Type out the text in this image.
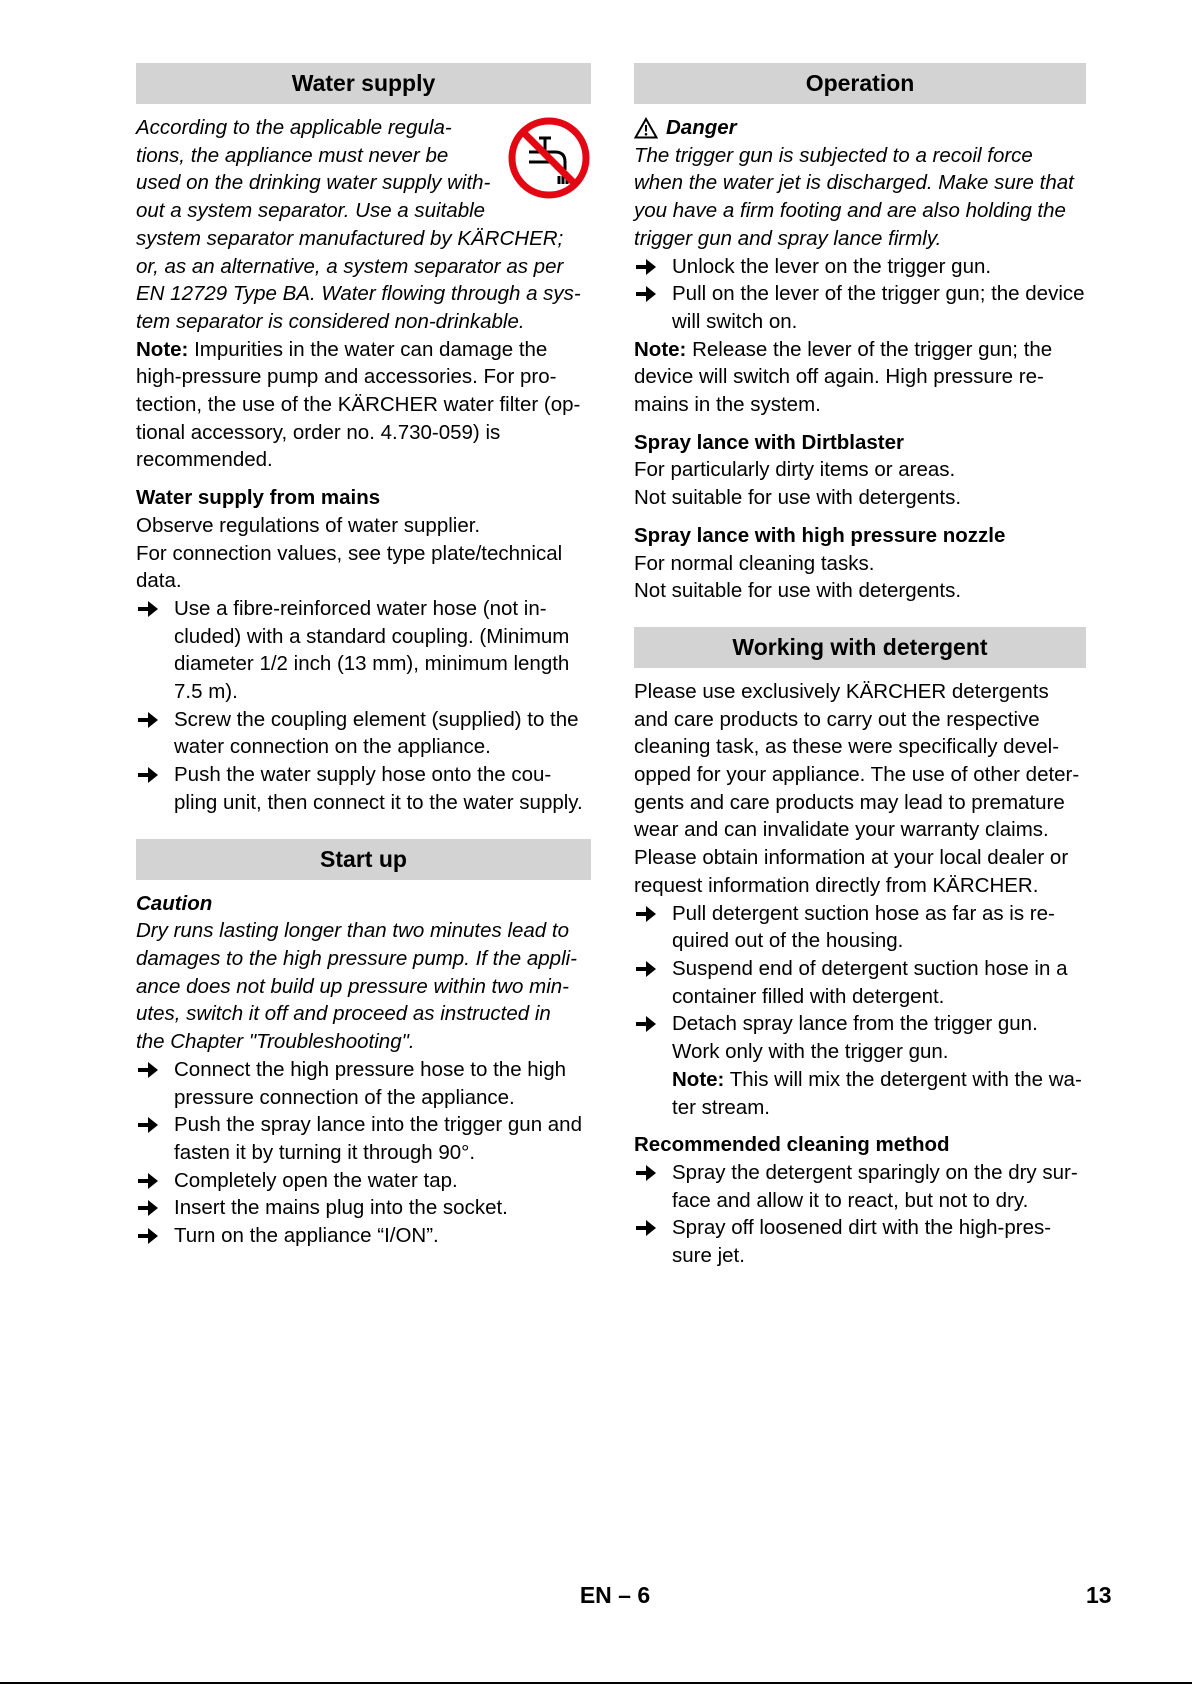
Water supply

According to the applicable regula-

tions, the appliance must never be

used on the drinking water supply with-

out a system separator. Use a suitable

system separator manufactured by KÄRCHER;

or, as an alternative, a system separator as per

EN 12729 Type BA. Water flowing through a sys-

tem separator is considered non-drinkable.

Note: Impurities in the water can damage the

high-pressure pump and accessories. For pro-

tection, the use of the KÄRCHER water filter (op-

tional accessory, order no. 4.730-059) is

recommended.

Water supply from mains

Observe regulations of water supplier.

For connection values, see type plate/technical

data.

Use a fibre-reinforced water hose (not in-
cluded) with a standard coupling. (Minimum
diameter 1/2 inch (13 mm), minimum length
7.5 m).
Screw the coupling element (supplied) to the
water connection on the appliance.
Push the water supply hose onto the cou-
pling unit, then connect it to the water supply.
Start up

Caution

Dry runs lasting longer than two minutes lead to

damages to the high pressure pump. If the appli-

ance does not build up pressure within two min-

utes, switch it off and proceed as instructed in

the Chapter "Troubleshooting".

Connect the high pressure hose to the high
pressure connection of the appliance.
Push the spray lance into the trigger gun and
fasten it by turning it through 90°.
Completely open the water tap.
Insert the mains plug into the socket.
Turn on the appliance “I/ON”.
Operation

Danger

The trigger gun is subjected to a recoil force

when the water jet is discharged. Make sure that

you have a firm footing and are also holding the

trigger gun and spray lance firmly.

Unlock the lever on the trigger gun.
Pull on the lever of the trigger gun; the device
will switch on.

Note: Release the lever of the trigger gun; the

device will switch off again. High pressure re-

mains in the system.

Spray lance with Dirtblaster

For particularly dirty items or areas.

Not suitable for use with detergents.

Spray lance with high pressure nozzle

For normal cleaning tasks.

Not suitable for use with detergents.

Working with detergent

Please use exclusively KÄRCHER detergents

and care products to carry out the respective

cleaning task, as these were specifically devel-

opped for your appliance. The use of other deter-

gents and care products may lead to premature

wear and can invalidate your warranty claims.

Please obtain information at your local dealer or

request information directly from KÄRCHER.

Pull detergent suction hose as far as is re-
quired out of the housing.
Suspend end of detergent suction hose in a
container filled with detergent.
Detach spray lance from the trigger gun.
Work only with the trigger gun.
Note: This will mix the detergent with the wa-
ter stream.
Recommended cleaning method
Spray the detergent sparingly on the dry sur-
face and allow it to react, but not to dry.
Spray off loosened dirt with the high-pres-
sure jet.
EN – 6	13
